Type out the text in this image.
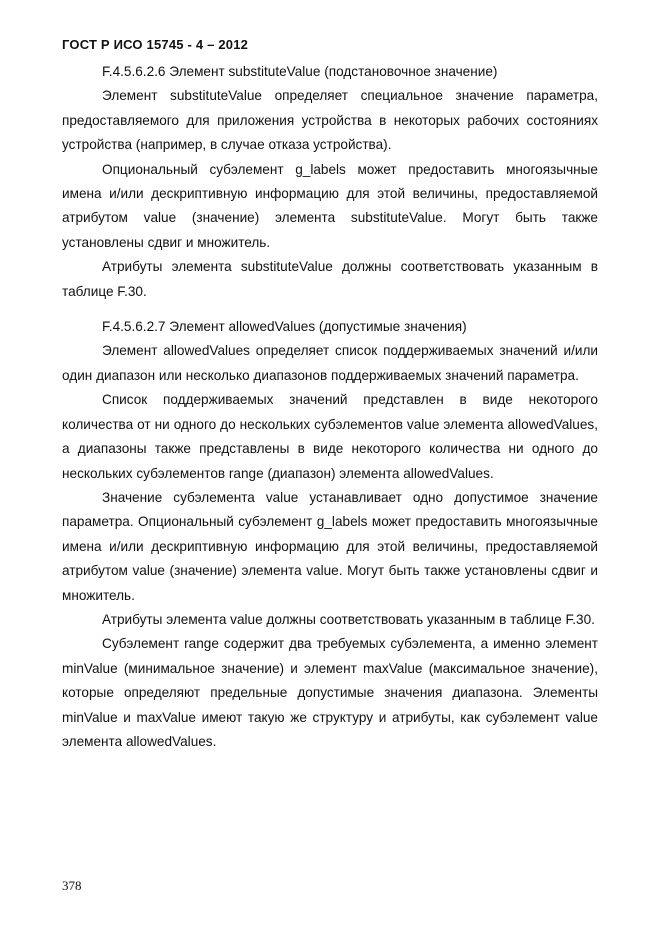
ГОСТ Р ИСО 15745 - 4 – 2012

F.4.5.6.2.6 Элемент substituteValue (подстановочное значение)

Элемент substituteValue определяет специальное значение параметра, предоставляемого для приложения устройства в некоторых рабочих состояниях устройства (например, в случае отказа устройства).

Опциональный субэлемент g_labels может предоставить многоязычные имена и/или дескриптивную информацию для этой величины, предоставляемой атрибутом value (значение) элемента substituteValue. Могут быть также установлены сдвиг и множитель.

Атрибуты элемента substituteValue должны соответствовать указанным в таблице F.30.

F.4.5.6.2.7 Элемент allowedValues (допустимые значения)

Элемент allowedValues определяет список поддерживаемых значений и/или один диапазон или несколько диапазонов поддерживаемых значений параметра.

Список поддерживаемых значений представлен в виде некоторого количества от ни одного до нескольких субэлементов value элемента allowedValues, а диапазоны также представлены в виде некоторого количества ни одного до нескольких субэлементов range (диапазон) элемента allowedValues.

Значение субэлемента value устанавливает одно допустимое значение параметра. Опциональный субэлемент g_labels может предоставить многоязычные имена и/или дескриптивную информацию для этой величины, предоставляемой атрибутом value (значение) элемента value. Могут быть также установлены сдвиг и множитель.

Атрибуты элемента value должны соответствовать указанным в таблице F.30.

Субэлемент range содержит два требуемых субэлемента, а именно элемент minValue (минимальное значение) и элемент maxValue (максимальное значение), которые определяют предельные допустимые значения диапазона. Элементы minValue и maxValue имеют такую же структуру и атрибуты, как субэлемент value элемента allowedValues.

378
